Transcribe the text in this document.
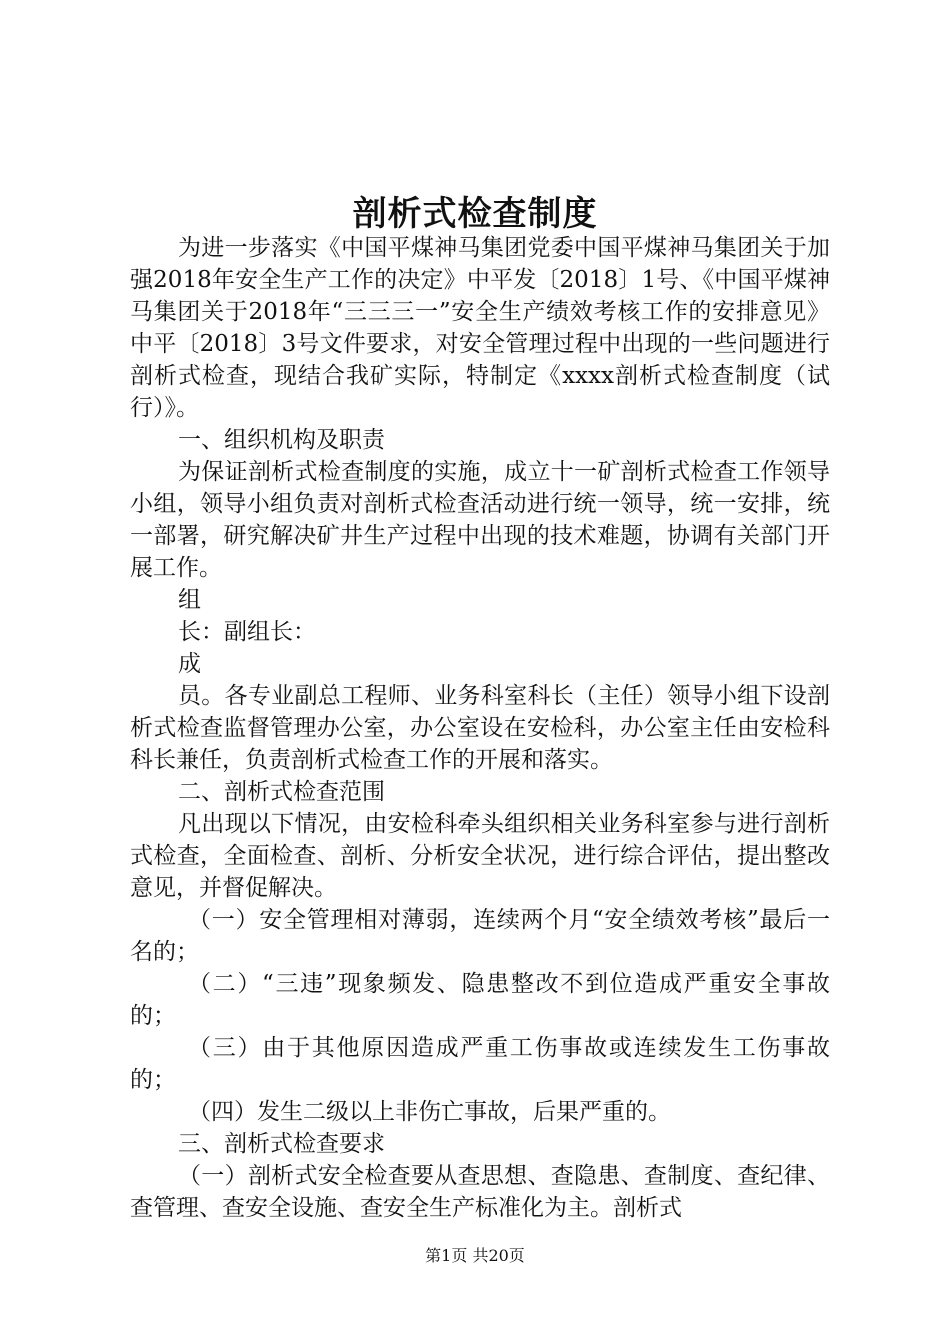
剖析式检查制度

为进一步落实《中国平煤神马集团党委中国平煤神马集团关于加强2018年安全生产工作的决定》中平发〔2018〕1号、《中国平煤神马集团关于2018年“三三三一”安全生产绩效考核工作的安排意见》中平〔2018〕3号文件要求，对安全管理过程中出现的一些问题进行剖析式检查，现结合我矿实际，特制定《xxxx剖析式检查制度（试行）》。

一、组织机构及职责

为保证剖析式检查制度的实施，成立十一矿剖析式检查工作领导小组，领导小组负责对剖析式检查活动进行统一领导，统一安排，统一部署，研究解决矿井生产过程中出现的技术难题，协调有关部门开展工作。

组

长：副组长：

成

员。各专业副总工程师、业务科室科长（主任）领导小组下设剖析式检查监督管理办公室，办公室设在安检科，办公室主任由安检科科长兼任，负责剖析式检查工作的开展和落实。

二、剖析式检查范围

凡出现以下情况，由安检科牵头组织相关业务科室参与进行剖析式检查，全面检查、剖析、分析安全状况，进行综合评估，提出整改意见，并督促解决。

（一）安全管理相对薄弱，连续两个月“安全绩效考核”最后一名的；

（二）“三违”现象频发、隐患整改不到位造成严重安全事故的；

（三）由于其他原因造成严重工伤事故或连续发生工伤事故的；

（四）发生二级以上非伤亡事故，后果严重的。

三、剖析式检查要求

（一）剖析式安全检查要从查思想、查隐患、查制度、查纪律、查管理、查安全设施、查安全生产标准化为主。剖析式

第1页 共20页
